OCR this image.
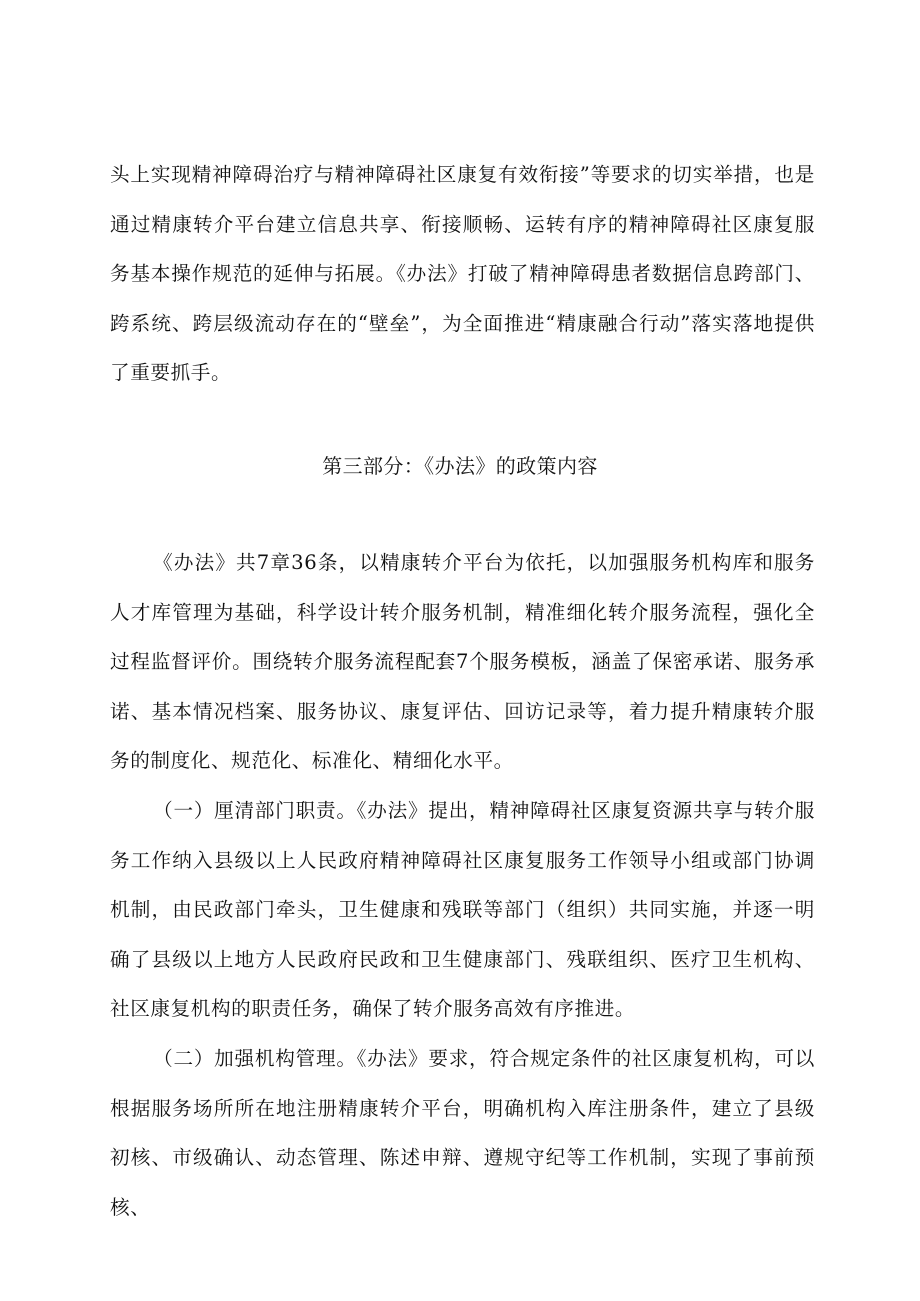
头上实现精神障碍治疗与精神障碍社区康复有效衔接”等要求的切实举措，也是通过精康转介平台建立信息共享、衔接顺畅、运转有序的精神障碍社区康复服务基本操作规范的延伸与拓展。《办法》打破了精神障碍患者数据信息跨部门、跨系统、跨层级流动存在的“壁垒”，为全面推进“精康融合行动”落实落地提供了重要抓手。

第三部分：《办法》的政策内容

《办法》共7章36条，以精康转介平台为依托，以加强服务机构库和服务人才库管理为基础，科学设计转介服务机制，精准细化转介服务流程，强化全过程监督评价。围绕转介服务流程配套7个服务模板，涵盖了保密承诺、服务承诺、基本情况档案、服务协议、康复评估、回访记录等，着力提升精康转介服务的制度化、规范化、标准化、精细化水平。

（一）厘清部门职责。《办法》提出，精神障碍社区康复资源共享与转介服务工作纳入县级以上人民政府精神障碍社区康复服务工作领导小组或部门协调机制，由民政部门牵头，卫生健康和残联等部门（组织）共同实施，并逐一明确了县级以上地方人民政府民政和卫生健康部门、残联组织、医疗卫生机构、社区康复机构的职责任务，确保了转介服务高效有序推进。

（二）加强机构管理。《办法》要求，符合规定条件的社区康复机构，可以根据服务场所所在地注册精康转介平台，明确机构入库注册条件，建立了县级初核、市级确认、动态管理、陈述申辩、遵规守纪等工作机制，实现了事前预核、
